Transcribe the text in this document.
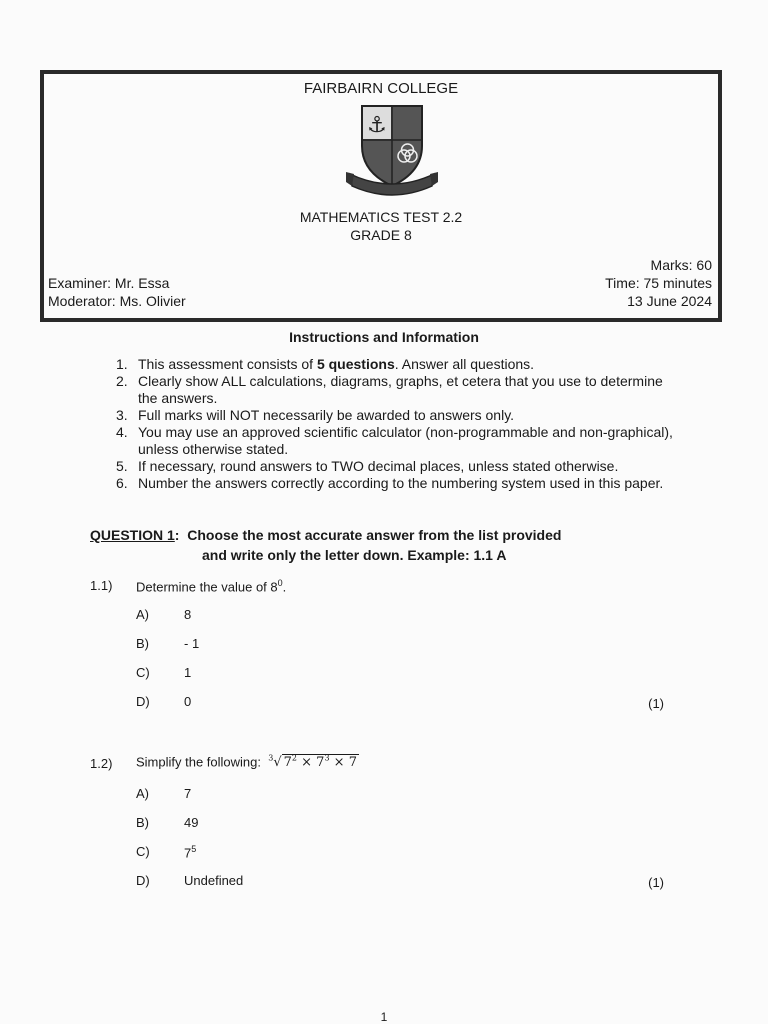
FAIRBAIRN COLLEGE
⚓
MATHEMATICS TEST 2.2
GRADE 8
Examiner: Mr. Essa
Moderator: Ms. Olivier
Marks: 60
Time: 75 minutes
13 June 2024
Instructions and Information
1. This assessment consists of 5 questions. Answer all questions.
2. Clearly show ALL calculations, diagrams, graphs, et cetera that you use to determine the answers.
3. Full marks will NOT necessarily be awarded to answers only.
4. You may use an approved scientific calculator (non-programmable and non-graphical), unless otherwise stated.
5. If necessary, round answers to TWO decimal places, unless stated otherwise.
6. Number the answers correctly according to the numbering system used in this paper.
QUESTION 1:  Choose the most accurate answer from the list provided
and write only the letter down. Example: 1.1 A
1.1) Determine the value of $8^0$.
A)	8
B)	- 1
C)	1
D)	0	(1)
1.2) Simplify the following: $^3$√ $7^2 \times 7^3 \times 7$
A)	7
B)	49
C)	$7^5$
D)	Undefined	(1)
1
